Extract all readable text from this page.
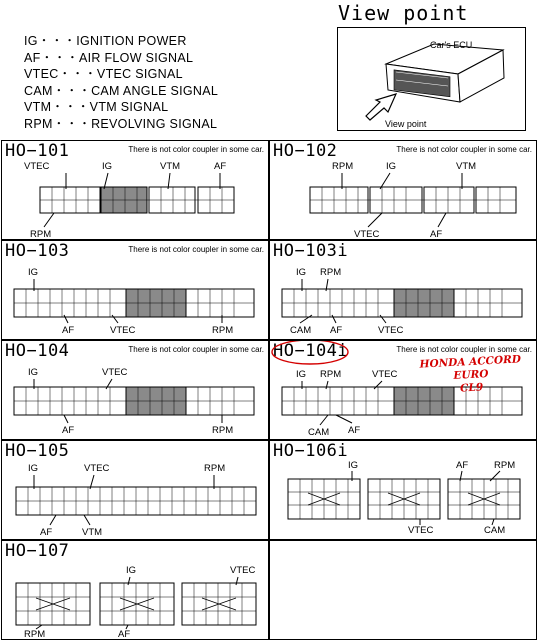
IG・・・IGNITION POWER
AF・・・AIR FLOW SIGNAL
VTEC・・・VTEC SIGNAL
CAM・・・CAM ANGLE SIGNAL
VTM・・・VTM SIGNAL
RPM・・・REVOLVING SIGNAL
View point
Car's ECU
View point
HO−101	There is not color coupler in some car.
VTEC	IG	VTM	AF
RPM
HO−102	There is not color coupler in some car.
RPM	IG	VTM
VTEC	AF
HO−103	There is not color coupler in some car.
IG
AF	VTEC	RPM
HO−103i
IG RPM
CAM AF	VTEC
HO−104	There is not color coupler in some car.
IG	VTEC
AF	RPM
HO−104i	There is not color coupler in some car.
IG RPM	VTEC
CAM AF
HO−105
IG	VTEC	RPM
AF	VTM
HO−106i
IG	AF	RPM
VTEC	CAM
HO−107
IG	VTEC
RPM	AF
HONDA ACCORD EURO
CL9
